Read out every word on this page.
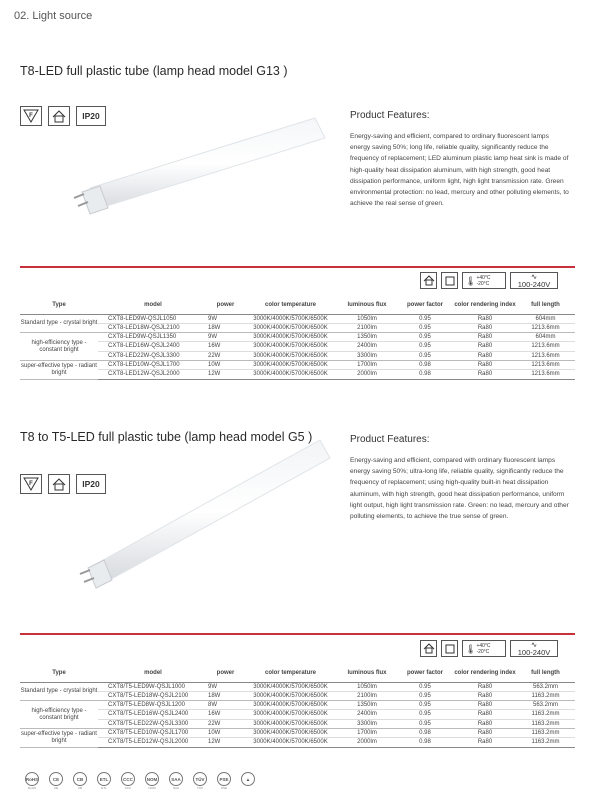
02. Light source
T8-LED full plastic tube (lamp head model G13 )
F	IP20	Product Features:
Energy-saving and efficient, compared to ordinary fluorescent lamps energy saving 50%; long life, reliable quality, significantly reduce the frequency of replacement; LED aluminum plastic lamp heat sink is made of high-quality heat dissipation aluminum, with high strength, good heat dissipation performance, uniform light, high light transmission rate. Green environmental protection: no lead, mercury and other polluting elements, to achieve the real sense of green.
🌡 +40°C
-20°C
∿
100-240V
Type	model	power	color temperature	luminous flux	power factor	color rendering index	full length
Standard type - crystal bright	CXT8-LED9W-QSJL1050	9W	3000K/4000K/5700K/6500K	1050lm	0.95	Ra80	604mm
	CXT8-LED18W-QSJL2100	18W	3000K/4000K/5700K/6500K	2100lm	0.95	Ra80	1213.6mm
high-efficiency type - constant bright	CXT8-LED9W-QSJL1350	9W	3000K/4000K/5700K/6500K	1350lm	0.95	Ra80	604mm
	CXT8-LED16W-QSJL2400	16W	3000K/4000K/5700K/6500K	2400lm	0.95	Ra80	1213.6mm
	CXT8-LED22W-QSJL3300	22W	3000K/4000K/5700K/6500K	3300lm	0.95	Ra80	1213.6mm
super-effective type - radiant bright	CXT8-LED10W-QSJL1700	10W	3000K/4000K/5700K/6500K	1700lm	0.98	Ra80	1213.6mm
	CXT8-LED12W-QSJL2000	12W	3000K/4000K/5700K/6500K	2000lm	0.98	Ra80	1213.6mm
T8 to T5-LED full plastic tube (lamp head model G5 )
F	IP20
Product Features:
Energy-saving and efficient, compared with ordinary fluorescent lamps energy saving 50%; ultra-long life, reliable quality, significantly reduce the frequency of replacement; using high-quality built-in heat dissipation aluminum, with high strength, good heat dissipation performance, uniform light output, high light transmission rate. Green: no lead, mercury and other polluting elements, to achieve the true sense of green.
🌡 +40°C
-20°C
∿
100-240V
Type	model	power	color temperature	luminous flux	power factor	color rendering index	full length
Standard type - crystal bright	CXT8/T5-LED9W-QSJL1000	9W	3000K/4000K/5700K/6500K	1050lm	0.95	Ra80	563.2mm
	CXT8/T5-LED18W-QSJL2100	18W	3000K/4000K/5700K/6500K	2100lm	0.95	Ra80	1163.2mm
high-efficiency type - constant bright	CXT8/T5-LED8W-QSJL1200	8W	3000K/4000K/5700K/6500K	1350lm	0.95	Ra80	563.2mm
	CXT8/T5-LED16W-QSJL2400	16W	3000K/4000K/5700K/6500K	2400lm	0.95	Ra80	1163.2mm
	CXT8/T5-LED22W-QSJL3300	22W	3000K/4000K/5700K/6500K	3300lm	0.95	Ra80	1163.2mm
super-effective type - radiant bright	CXT8/T5-LED10W-QSJL1700	10W	3000K/4000K/5700K/6500K	1700lm	0.98	Ra80	1163.2mm
	CXT8/T5-LED12W-QSJL2000	12W	3000K/4000K/5700K/6500K	2000lm	0.98	Ra80	1163.2mm
RoHS
RoHS
CE
CE
CB
CB
ETL
ETL
CCC
CCC
NOM
NOM
SAA
SAA
TÜV
TÜV
PSE
PSE
▲
